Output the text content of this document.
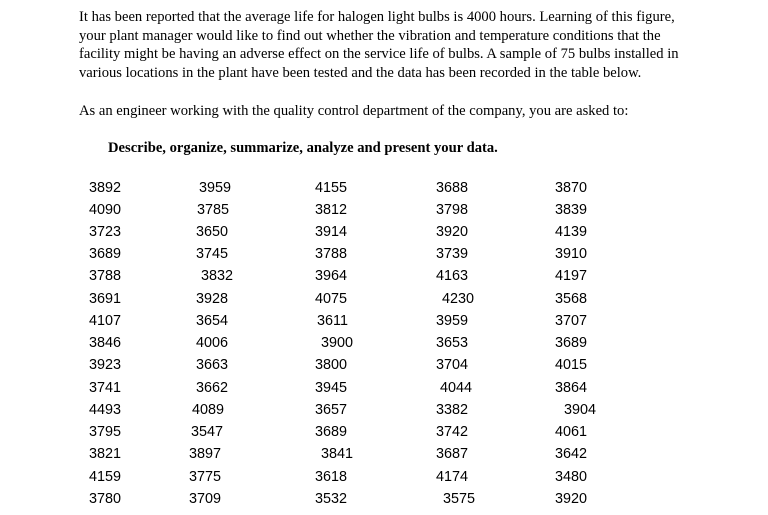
It has been reported that the average life for halogen light bulbs is 4000 hours. Learning of this figure, your plant manager would like to find out whether the vibration and temperature conditions that the facility might be having an adverse effect on the service life of bulbs. A sample of 75 bulbs installed in various locations in the plant have been tested and the data has been recorded in the table below.

As an engineer working with the quality control department of the company, you are asked to:

Describe, organize, summarize, analyze and present your data.

3892	3959	4155	3688	3870
4090	3785	3812	3798	3839
3723	3650	3914	3920	4139
3689	3745	3788	3739	3910
3788	3832	3964	4163	4197
3691	3928	4075	4230	3568
4107	3654	3611	3959	3707
3846	4006	3900	3653	3689
3923	3663	3800	3704	4015
3741	3662	3945	4044	3864
4493	4089	3657	3382	3904
3795	3547	3689	3742	4061
3821	3897	3841	3687	3642
4159	3775	3618	4174	3480
3780	3709	3532	3575	3920
